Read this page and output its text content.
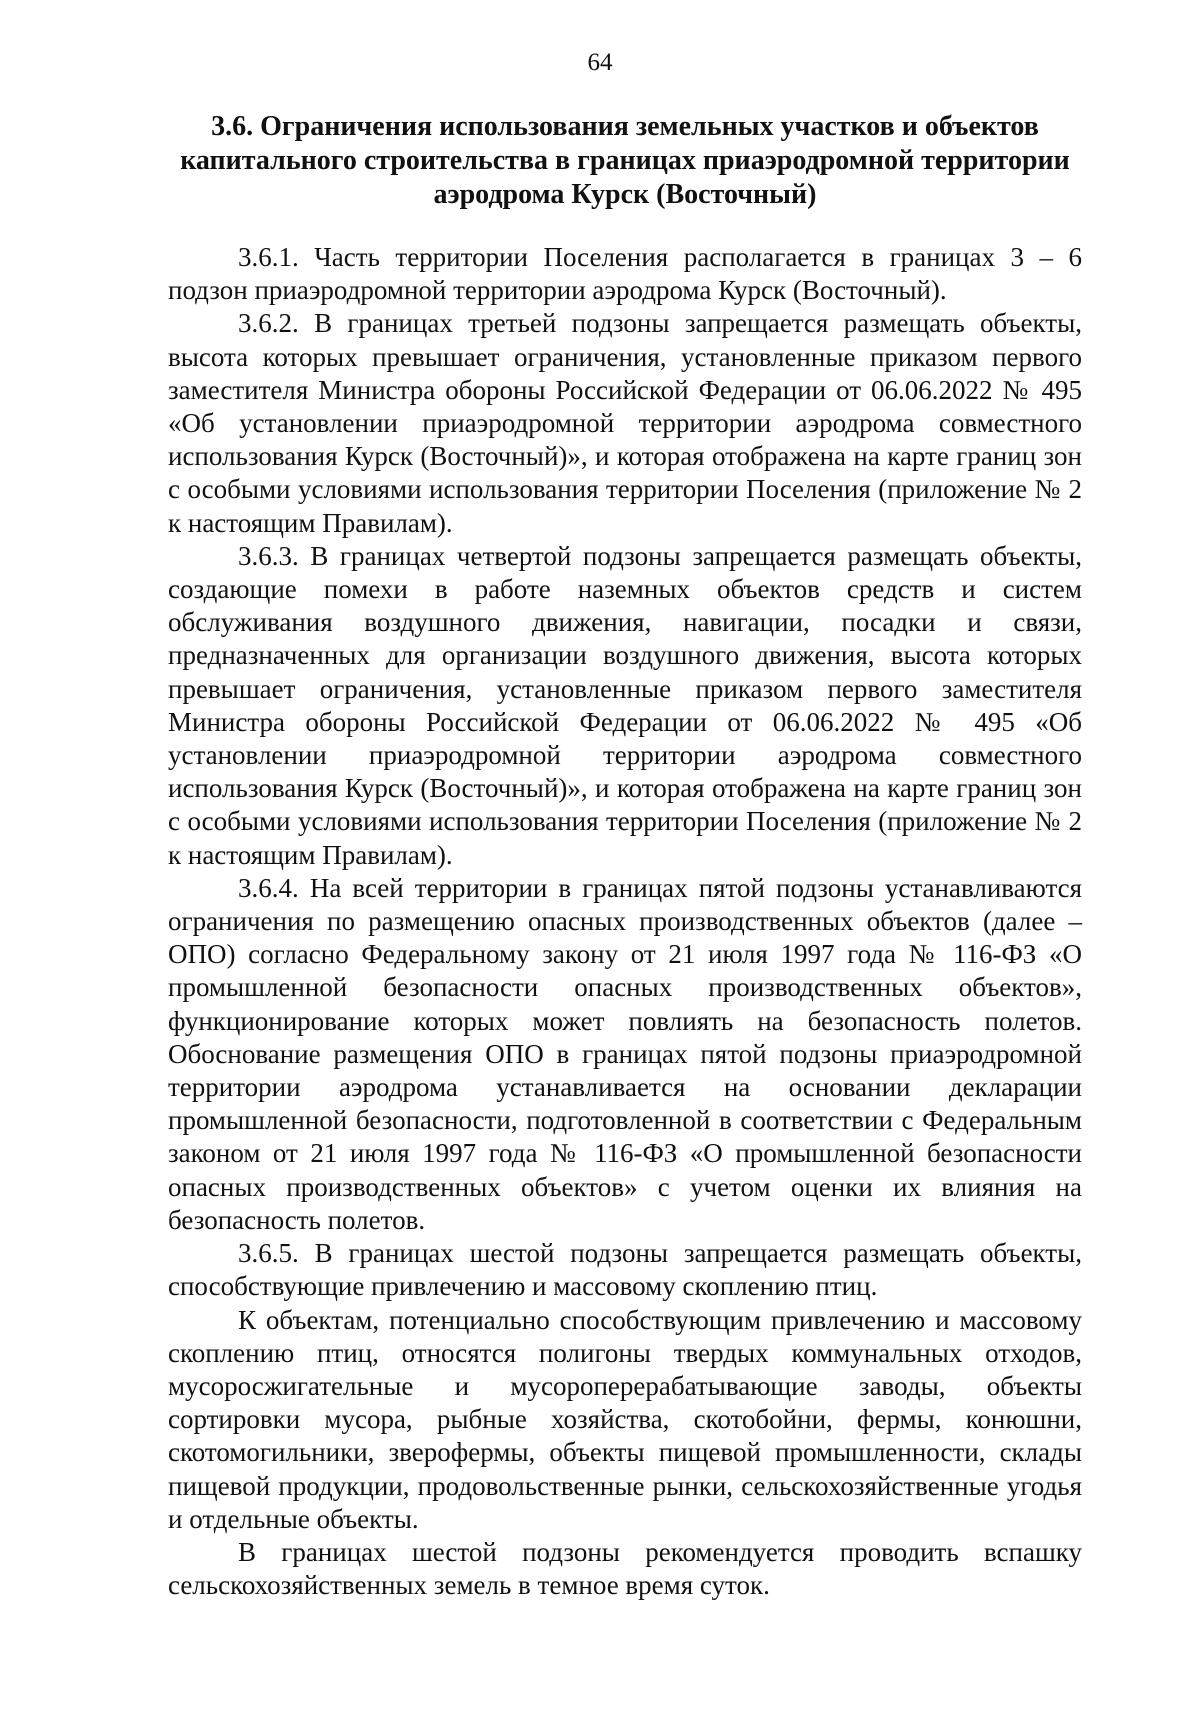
64
3.6. Ограничения использования земельных участков и объектов капитального строительства в границах приаэродромной территории аэродрома Курск (Восточный)

3.6.1. Часть территории Поселения располагается в границах 3 – 6 подзон приаэродромной территории аэродрома Курск (Восточный).

3.6.2. В границах третьей подзоны запрещается размещать объекты, высота которых превышает ограничения, установленные приказом первого заместителя Министра обороны Российской Федерации от 06.06.2022 № 495 «Об установлении приаэродромной территории аэродрома совместного использования Курск (Восточный)», и которая отображена на карте границ зон с особыми условиями использования территории Поселения (приложение № 2 к настоящим Правилам).

3.6.3. В границах четвертой подзоны запрещается размещать объекты, создающие помехи в работе наземных объектов средств и систем обслуживания воздушного движения, навигации, посадки и связи, предназначенных для организации воздушного движения, высота которых превышает ограничения, установленные приказом первого заместителя Министра обороны Российской Федерации от 06.06.2022 № 495 «Об установлении приаэродромной территории аэродрома совместного использования Курск (Восточный)», и которая отображена на карте границ зон с особыми условиями использования территории Поселения (приложение № 2 к настоящим Правилам).

3.6.4. На всей территории в границах пятой подзоны устанавливаются ограничения по размещению опасных производственных объектов (далее – ОПО) согласно Федеральному закону от 21 июля 1997 года № 116-ФЗ «О промышленной безопасности опасных производственных объектов», функционирование которых может повлиять на безопасность полетов. Обоснование размещения ОПО в границах пятой подзоны приаэродромной территории аэродрома устанавливается на основании декларации промышленной безопасности, подготовленной в соответствии с Федеральным законом от 21 июля 1997 года № 116-ФЗ «О промышленной безопасности опасных производственных объектов» с учетом оценки их влияния на безопасность полетов.

3.6.5. В границах шестой подзоны запрещается размещать объекты, способствующие привлечению и массовому скоплению птиц.

К объектам, потенциально способствующим привлечению и массовому скоплению птиц, относятся полигоны твердых коммунальных отходов, мусоросжигательные и мусороперерабатывающие заводы, объекты сортировки мусора, рыбные хозяйства, скотобойни, фермы, конюшни, скотомогильники, зверофермы, объекты пищевой промышленности, склады пищевой продукции, продовольственные рынки, сельскохозяйственные угодья и отдельные объекты.

В границах шестой подзоны рекомендуется проводить вспашку сельскохозяйственных земель в темное время суток.
